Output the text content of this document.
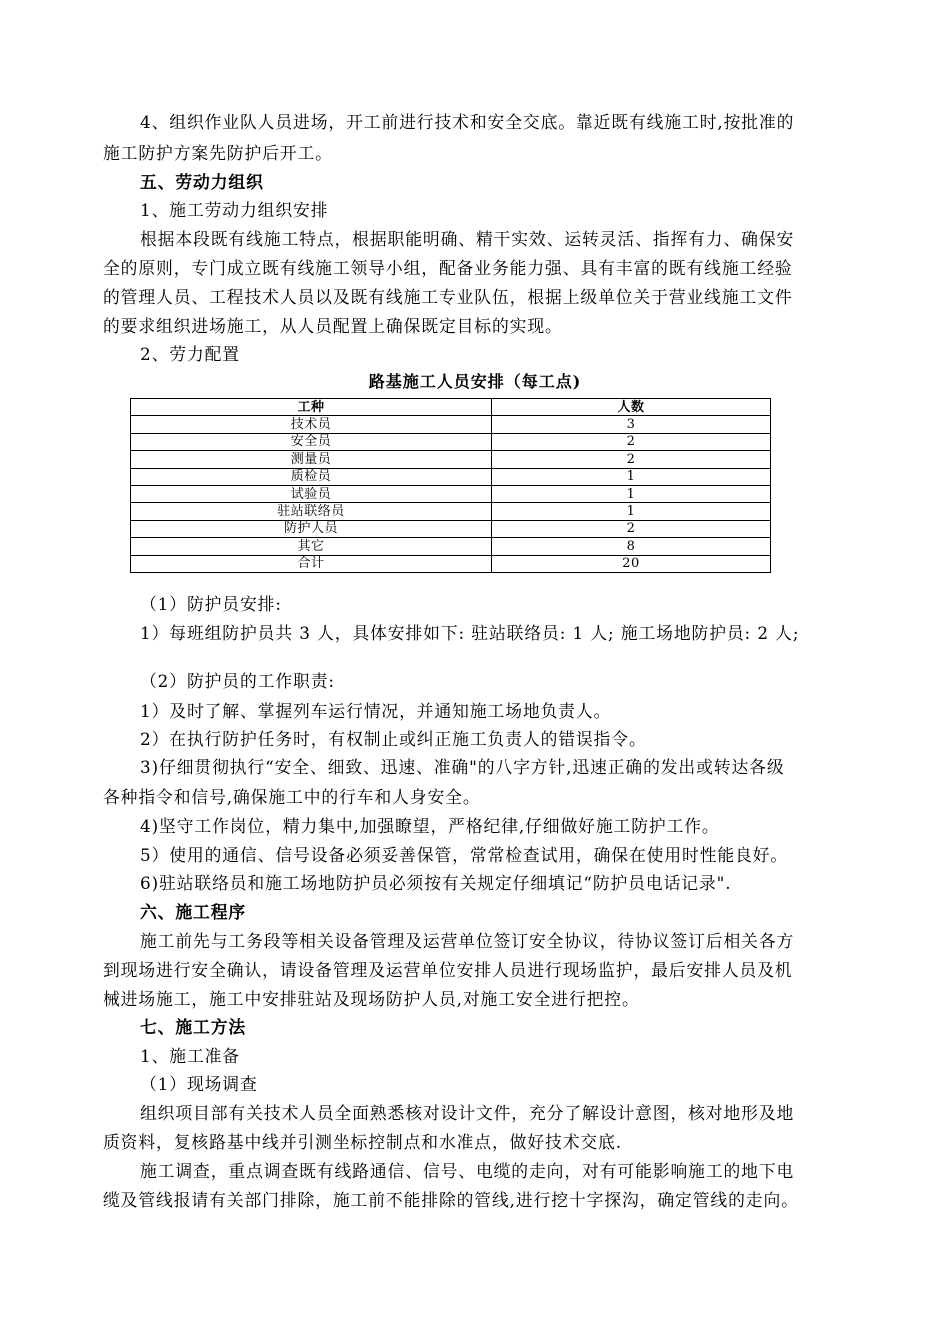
4、组织作业队人员进场，开工前进行技术和安全交底。靠近既有线施工时,按批准的
施工防护方案先防护后开工。
五、劳动力组织
1、施工劳动力组织安排
根据本段既有线施工特点，根据职能明确、精干实效、运转灵活、指挥有力、确保安
全的原则，专门成立既有线施工领导小组，配备业务能力强、具有丰富的既有线施工经验
的管理人员、工程技术人员以及既有线施工专业队伍，根据上级单位关于营业线施工文件
的要求组织进场施工，从人员配置上确保既定目标的实现。
2、劳力配置
路基施工人员安排（每工点)
工种	人数
技术员	3
安全员	2
测量员	2
质检员	1
试验员	1
驻站联络员	1
防护人员	2
其它	8
合计	20
（1）防护员安排:
1）每班组防护员共 3 人，具体安排如下: 驻站联络员: 1 人; 施工场地防护员: 2 人;
（2）防护员的工作职责:
1）及时了解、掌握列车运行情况，并通知施工场地负责人。
2）在执行防护任务时，有权制止或纠正施工负责人的错误指令。
3)仔细贯彻执行“安全、细致、迅速、准确"的八字方针,迅速正确的发出或转达各级
各种指令和信号,确保施工中的行车和人身安全。
4)坚守工作岗位，精力集中,加强瞭望，严格纪律,仔细做好施工防护工作。
5）使用的通信、信号设备必须妥善保管，常常检查试用，确保在使用时性能良好。
6)驻站联络员和施工场地防护员必须按有关规定仔细填记“防护员电话记录".
六、施工程序
施工前先与工务段等相关设备管理及运营单位签订安全协议，待协议签订后相关各方
到现场进行安全确认，请设备管理及运营单位安排人员进行现场监护，最后安排人员及机
械进场施工，施工中安排驻站及现场防护人员,对施工安全进行把控。
七、施工方法
1、施工准备
（1）现场调查
组织项目部有关技术人员全面熟悉核对设计文件，充分了解设计意图，核对地形及地
质资料，复核路基中线并引测坐标控制点和水准点，做好技术交底.
施工调查，重点调查既有线路通信、信号、电缆的走向，对有可能影响施工的地下电
缆及管线报请有关部门排除，施工前不能排除的管线,进行挖十字探沟，确定管线的走向。
